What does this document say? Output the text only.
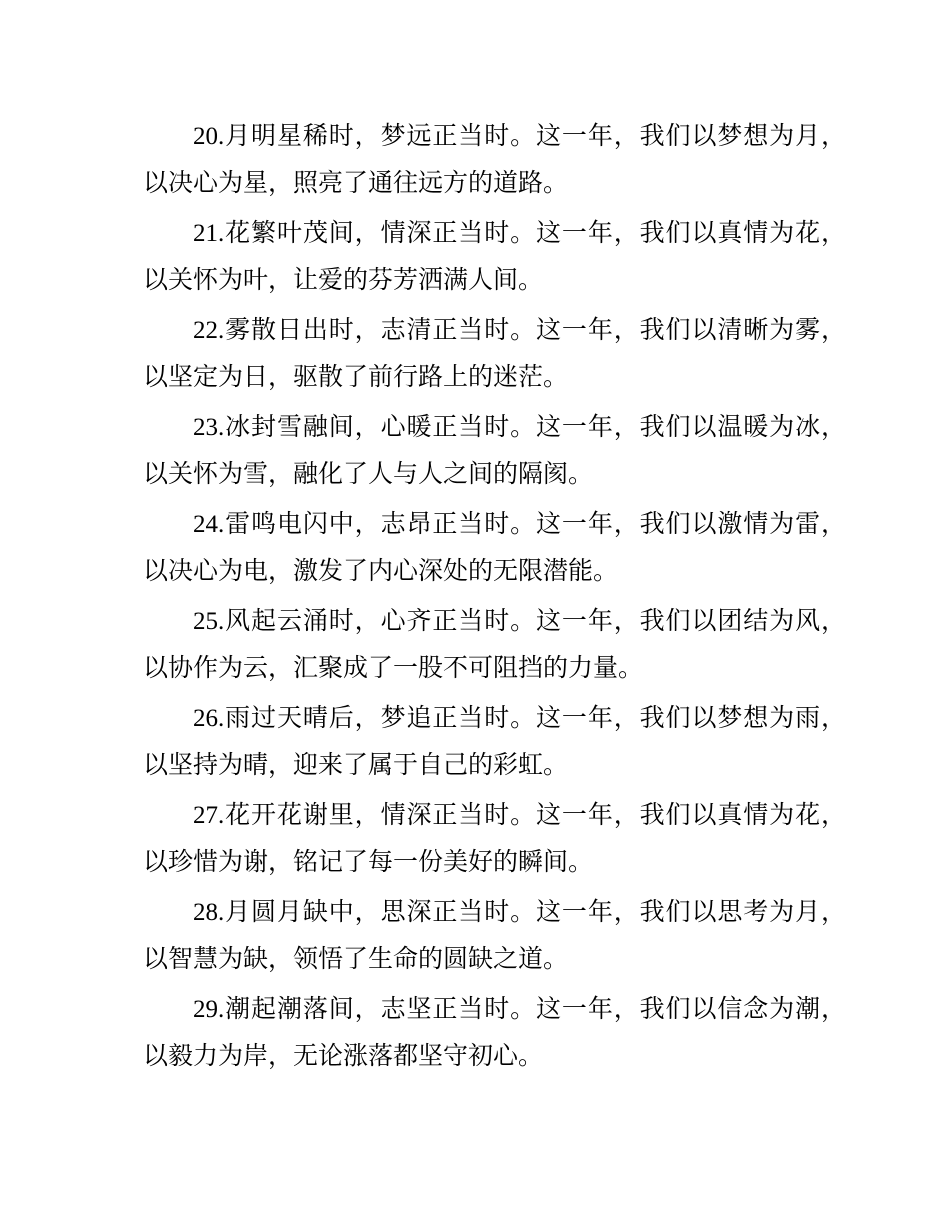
20.月明星稀时，梦远正当时。这一年，我们以梦想为月，以决心为星，照亮了通往远方的道路。

21.花繁叶茂间，情深正当时。这一年，我们以真情为花，以关怀为叶，让爱的芬芳洒满人间。

22.雾散日出时，志清正当时。这一年，我们以清晰为雾，以坚定为日，驱散了前行路上的迷茫。

23.冰封雪融间，心暖正当时。这一年，我们以温暖为冰，以关怀为雪，融化了人与人之间的隔阂。

24.雷鸣电闪中，志昂正当时。这一年，我们以激情为雷，以决心为电，激发了内心深处的无限潜能。

25.风起云涌时，心齐正当时。这一年，我们以团结为风，以协作为云，汇聚成了一股不可阻挡的力量。

26.雨过天晴后，梦追正当时。这一年，我们以梦想为雨，以坚持为晴，迎来了属于自己的彩虹。

27.花开花谢里，情深正当时。这一年，我们以真情为花，以珍惜为谢，铭记了每一份美好的瞬间。

28.月圆月缺中，思深正当时。这一年，我们以思考为月，以智慧为缺，领悟了生命的圆缺之道。

29.潮起潮落间，志坚正当时。这一年，我们以信念为潮，以毅力为岸，无论涨落都坚守初心。
